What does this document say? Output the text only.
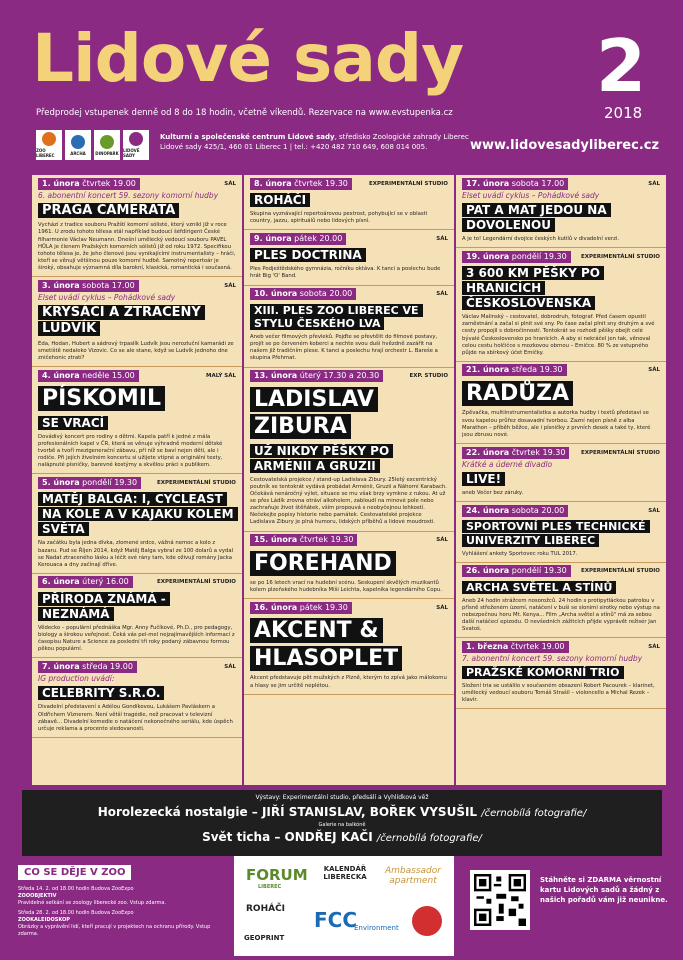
Lidové sady 2
2018
Předprodej vstupenek denně od 8 do 18 hodin, včetně víkendů. Rezervace na www.evstupenka.cz
ZOO LIBEREC	ARCHA DINOPARK LIDOVÉ SADY
Kulturní a společenské centrum Lidové sady, středisko Zoologické zahrady Liberec
Lidové sady 425/1, 460 01 Liberec 1 | tel.: +420 482 710 649, 608 014 005.	www.lidovesadyliberec.cz
1. února čtvrtek 19.00	SÁL
6. abonentní koncert 59. sezony komorní hudby
PRAGA CAMERATA
Vychází z tradice souboru Pražští komorní sólisté, který vznikl již v roce 1961. U zrodu tohoto tělesa stál například budoucí šéfdirigent České filharmonie Václav Neumann. Dnešní umělecký vedoucí souboru PAVEL HŮLA je členem Pražských komorních sólistů již od roku 1972. Specifikou tohoto tělesa je, že jeho členové jsou vynikajícími instrumentalisty – hráči, kteří se věnují většinou pouze komorní hudbě. Samotný repertoár je široký, obsahuje významná díla barokní, klasická, romantická i současná.
3. února sobota 17.00	SÁL
Elset uvádí cyklus – Pohádkové sady
KRYSÁCI A ZTRACENÝ LUDVÍK
Eda, Hodan, Hubert a sádrový trpaslík Ludvík jsou nerozluční kamarádi ze smetiště nedaleko Vizovic. Co se ale stane, když se Ludvík jednoho dne zničehonic ztratí?
4. února neděle 15.00	MALÝ SÁL
PÍSKOMIL
SE VRACÍ
Dovádivý koncert pro rodiny s dětmi. Kapela patří k jedné z mála profesionálních kapel v ČR, která se věnuje výhradně moderní dětské tvorbě a tvoří mezigenerační zábavu, při níž se baví nejen děti, ale i rodiče. Při jejích živelném koncertu si užijete vtipné a originální texty, nalápnuté písničky, barevné kostýmy a skvělou práci s publikem.
5. února pondělí 19.30	EXPERIMENTÁLNÍ STUDIO
MATĚJ BALGA: I, CYCLEAST NA KOLE A V KAJAKU KOLEM SVĚTA
Na začátku byla jedna dívka, zlomené srdce, vážná nemoc a kolo z bazaru. Pud se Říjen 2014, když Matěj Balga vybral ze 100 dolarů a vydal se Nadat ztraceného lásku a léčit své rány tam, kde oživují romány Jacka Kerouaca a dny začínají dříve.
6. února úterý 16.00	EXPERIMENTÁLNÍ STUDIO
PŘÍRODA ZNÁMÁ - NEZNÁMÁ
Vědecko – populární přednáška Mgr. Anny Fučíkové, Ph.D., pro pedagogy, biology a širokou veřejnost. Čeká vás pel-mel nejzajímavějších informací z časopisu Nature a Science za poslední tři roky podaný zábavnou formou pěkou populární.
7. února středa 19.00	SÁL
IG production uvádí:
CELEBRITY S.R.O.
Divadelní představení s Adélou Gondíkovou, Lukášem Pavláskem a Oldřichem Víznerem. Není větší tragédie, než pracovat v televizní zábavě... Divadelní komedie o natáčení nekonečného seriálu, kde úspěch určuje reklama a procento sledovanosti.
8. února čtvrtek 19.30	EXPERIMENTÁLNÍ STUDIO
ROHÁČI
Skupina vyznávající repertoárovou pestrost, pohybující se v oblasti country, jazzu, spirituálů nebo lidových písní.
9. února pátek 20.00	SÁL
PLES DOCTRINA
Ples Podještědského gymnázia, ročníku oktáva. K tanci a poslechu bude hrát Big 'O' Band.
10. února sobota 20.00	SÁL
XIII. PLES ZOO LIBEREC VE STYLU ČESKÉHO LVA
Aneb večer filmových převleků. Pojďte se převtělit do filmové postavy, projít se po červeném koberci a nechte svou duši hvězdně zazářit na našem již tradičním plese. K tanci a poslechu hrají orchestr L. Bareše a skupina Přehmat.
13. února úterý 17.30 a 20.30	EXP. STUDIO
LADISLAV ZIBURA
UŽ NIKDY PĚŠKY PO ARMÉNII A GRUZII
Cestovatelská projekce / stand-up Ladislava Zibury. 25letý excentrický poutník se tentokrát vydává probádat Arménii, Gruzii a Náhorní Karabach. Očekává nenáročný výlet, situace se mu však brzy vymkne z rukou. At už se přes Ládík zrovna otráví alkoholem, zabloudí na minové pole nebo zachraňuje život štěňátek, vším propouvá s neobyčejnou lehkostí. Nečekejte popisy historie nebo památek. Cestovatelské projekce Ladislava Zibury je plná humoru, lidských příběhů a lidové moudrosti.
15. února čtvrtek 19.30	SÁL
FOREHAND
se po 16 letech vrací na hudební scénu. Seskupení skvělých muzikantů kolem plzeňského hudebníka Miši Leichta, kapelníka legendárního Copu.
16. února pátek 19.30	SÁL
AKCENT & HLASOPLET
Akcent představuje pět mužských z Plzně, kterým to zpívá jako málokomu a hlasy se jim určitě neplétou.
17. února sobota 17.00	SÁL
Elset uvádí cyklus – Pohádkové sady
PAT A MAT JEDOU NA DOVOLENOU
A je to! Legendární dvojice českých kutilů v divadelní verzi.
19. února pondělí 19.30	EXPERIMENTÁLNÍ STUDIO
3 600 KM PĚŠKY PO HRANICÍCH ČESKOSLOVENSKA
Václav Malinský – cestovatel, dobrodruh, fotograf. Před časem opustil zaměstnání a začal si plnit své sny. Po čase začal plnit sny druhým a své cesty propojil s dobročinností. Tentokrát se rozhodl pěšky obejít celé bývalé Československo po hranicích. A aby si nekráčel jen tak, věnoval celou cestu holčičce s mozkovou obrnou – Emičce. 80 % ze vstupného půjde na sbírkový účet Emičky.
21. února středa 19.30	SÁL
RADŮZA
Zpěvačka, multiinstrumentalistka a autorka hudby i textů představí se svou kapelou průřez dosavadní tvorbou. Zazní nejen písně z alba Marathon – příběh běžce, ale i písničky z prvních desek a také ty, které jsou zbrusu nové.
22. února čtvrtek 19.30	EXPERIMENTÁLNÍ STUDIO
Krátké a úderné divadlo
LIVE!
aneb Večer bez záruky.
24. února sobota 20.00	SÁL
SPORTOVNÍ PLES TECHNICKÉ UNIVERZITY LIBEREC
Vyhlášení ankety Sportovec roku TUL 2017.
26. února pondělí 19.30	EXPERIMENTÁLNÍ STUDIO
ARCHA SVĚTEL A STÍNŮ
Aneb 24 hodin strážcem nosorožců. 24 hodin s protipytláckou patrolou v přísně střeženém území, natáčení v buši se slonimi sirotky nebo výstup na nebezpečnou horu Mt. Kenya... Film „Archa světel a stínů" má za sebou další natáčecí epizodu. O nevšedních zážitcích přijde vyprávět režisér Jan Svatoš.
1. března čtvrtek 19.00	SÁL
7. abonentní koncert 59. sezony komorní hudby
PRAŽSKÉ KOMORNÍ TRIO
Složení tria se ustálilo v současném obsazení Robert Pacourek – klarinet, umělecký vedoucí souboru Tomáš Strašil – violoncello a Michal Rezek – klavír.
Výstavy: Experimentální studio, předsálí a Vyhlídková věž
Horolezecká nostalgie – JIŘÍ STANISLAV, BOŘEK VYSUŠIL /černobílá fotografie/
Galerie na balkóně
Svět ticha – ONDŘEJ KAČI /černobílá fotografie/
CO SE DĚJE V ZOO
Středa 14. 2. od 18.00 hodin Budova ZooExpo
ZOOOBJEKTIV
Pravidelné setkání se zoology liberecké zoo. Vstup zdarma.
Středa 28. 2. od 18.00 hodin Budova ZooExpo
ZOOKALEIDOSKOP
Obrázky a vyprávění lidí, kteří pracují v projektech na ochranu přírody. Vstup zdarma.
FORUM
LIBEREC
KALENDÁŘ LIBERECKA
Ambassador apartment
ROHÁČI
GEOPRINT
FCC
Environment
Stáhněte si ZDARMA věrnostní kartu Lidových sadů a žádný z našich pořadů vám již neunikne.
